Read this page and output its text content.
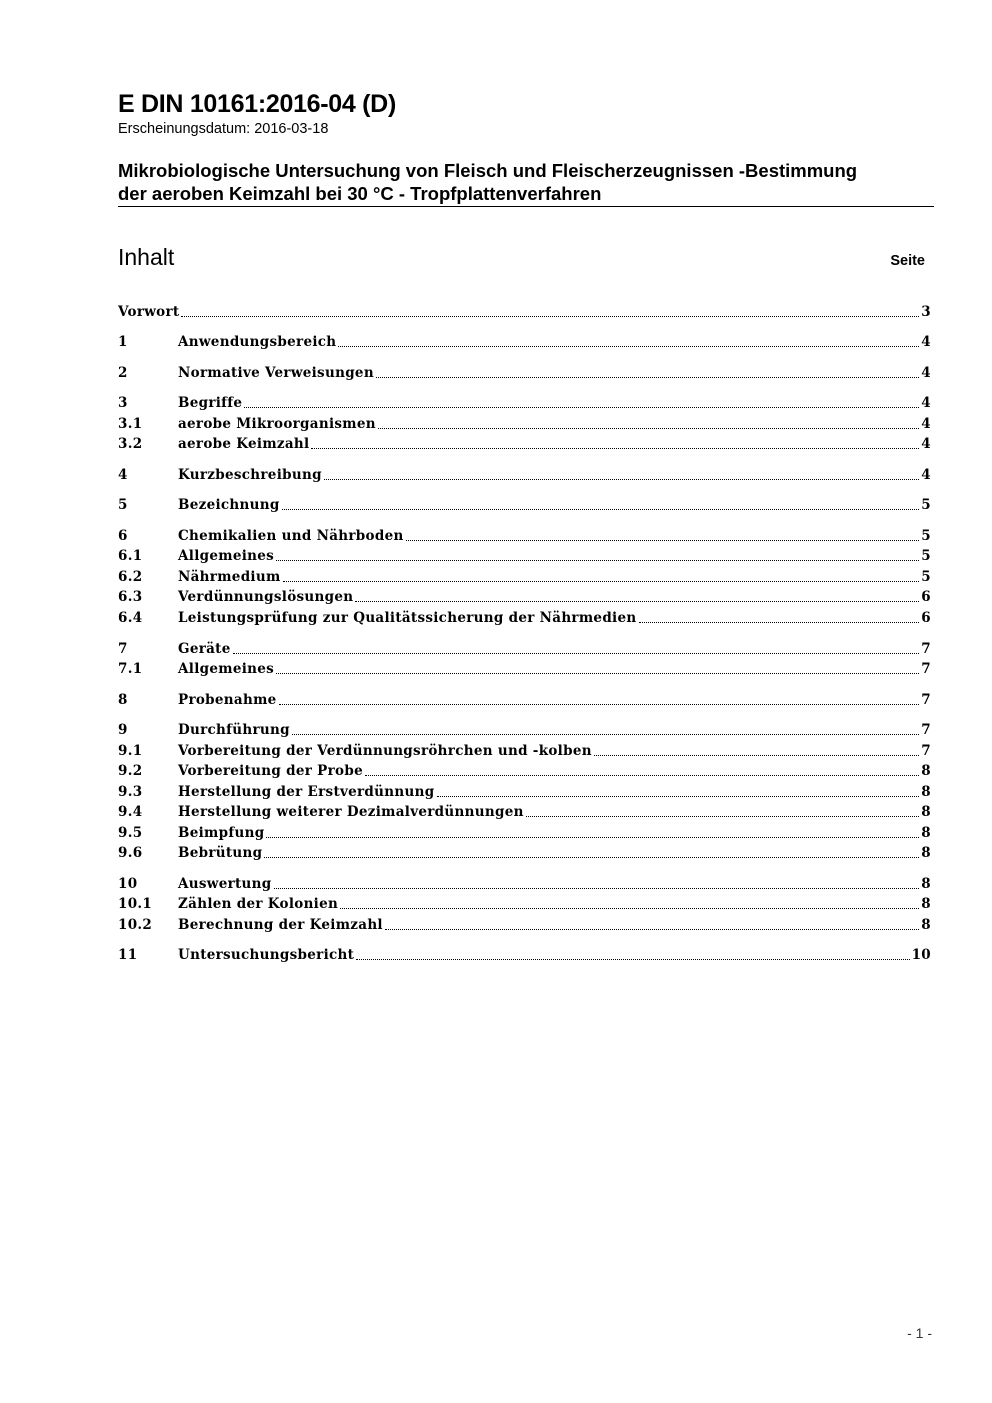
E DIN 10161:2016-04 (D)
Erscheinungsdatum: 2016-03-18
Mikrobiologische Untersuchung von Fleisch und Fleischerzeugnissen -Bestimmung
der aeroben Keimzahl bei 30 °C - Tropfplattenverfahren
Inhalt	Seite
Vorwort	3
1	Anwendungsbereich	4
2	Normative Verweisungen	4
3	Begriffe	4
3.1	aerobe Mikroorganismen	4
3.2	aerobe Keimzahl	4
4	Kurzbeschreibung	4
5	Bezeichnung	5
6	Chemikalien und Nährboden	5
6.1	Allgemeines	5
6.2	Nährmedium	5
6.3	Verdünnungslösungen	6
6.4	Leistungsprüfung zur Qualitätssicherung der Nährmedien	6
7	Geräte	7
7.1	Allgemeines	7
8	Probenahme	7
9	Durchführung	7
9.1	Vorbereitung der Verdünnungsröhrchen und -kolben	7
9.2	Vorbereitung der Probe	8
9.3	Herstellung der Erstverdünnung	8
9.4	Herstellung weiterer Dezimalverdünnungen	8
9.5	Beimpfung	8
9.6	Bebrütung	8
10	Auswertung	8
10.1	Zählen der Kolonien	8
10.2	Berechnung der Keimzahl	8
11	Untersuchungsbericht	10
- 1 -
